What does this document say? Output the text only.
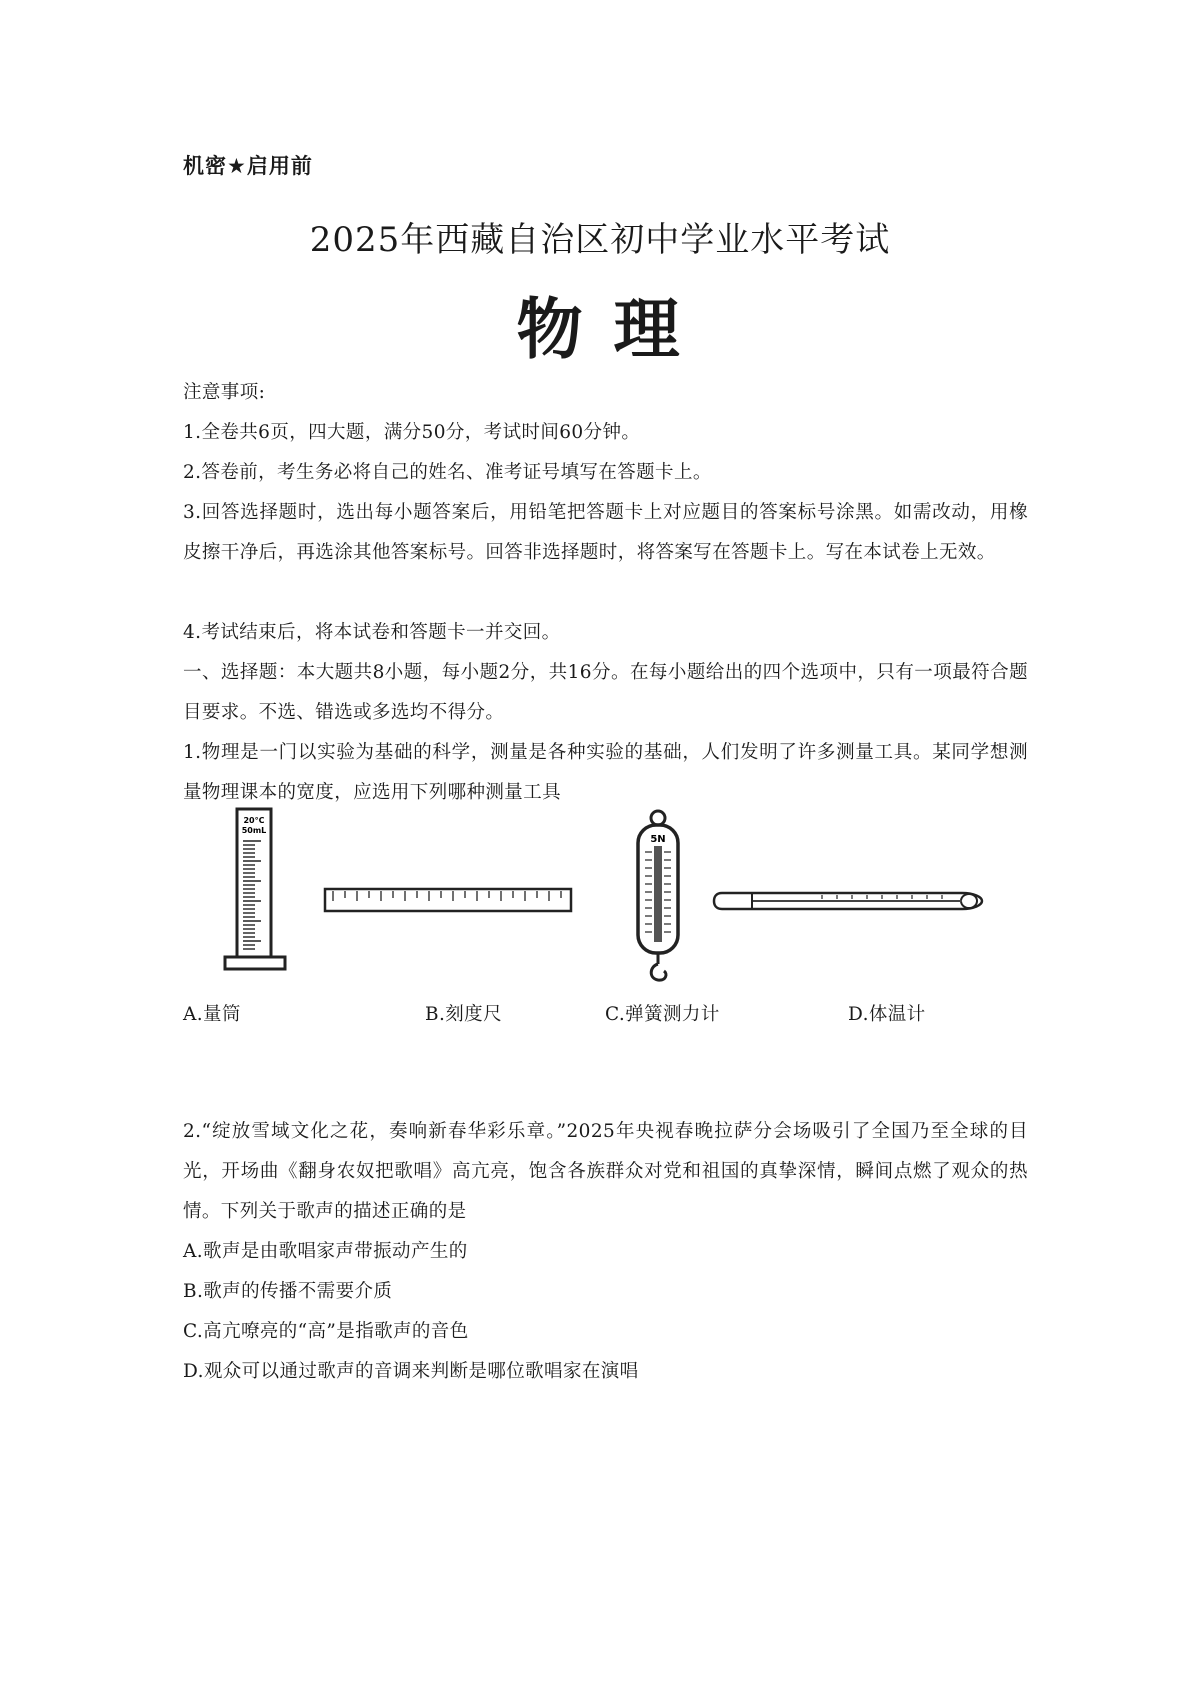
机密★启用前
2025年西藏自治区初中学业水平考试
物 理
注意事项:
1.全卷共6页，四大题，满分50分，考试时间60分钟。
2.答卷前，考生务必将自己的姓名、准考证号填写在答题卡上。
3.回答选择题时，选出每小题答案后，用铅笔把答题卡上对应题目的答案标号涂黑。如需改动，用橡皮擦干净后，再选涂其他答案标号。回答非选择题时，将答案写在答题卡上。写在本试卷上无效。
4.考试结束后，将本试卷和答题卡一并交回。
一、选择题：本大题共8小题，每小题2分，共16分。在每小题给出的四个选项中，只有一项最符合题目要求。不选、错选或多选均不得分。
1.物理是一门以实验为基础的科学，测量是各种实验的基础，人们发明了许多测量工具。某同学想测量物理课本的宽度，应选用下列哪种测量工具
20°C
50mL
5N
A.量筒	B.刻度尺	C.弹簧测力计	D.体温计
2.“绽放雪域文化之花，奏响新春华彩乐章。”2025年央视春晚拉萨分会场吸引了全国乃至全球的目光，开场曲《翻身农奴把歌唱》高亢亮，饱含各族群众对党和祖国的真挚深情，瞬间点燃了观众的热情。下列关于歌声的描述正确的是
A.歌声是由歌唱家声带振动产生的
B.歌声的传播不需要介质
C.高亢嘹亮的“高”是指歌声的音色
D.观众可以通过歌声的音调来判断是哪位歌唱家在演唱
